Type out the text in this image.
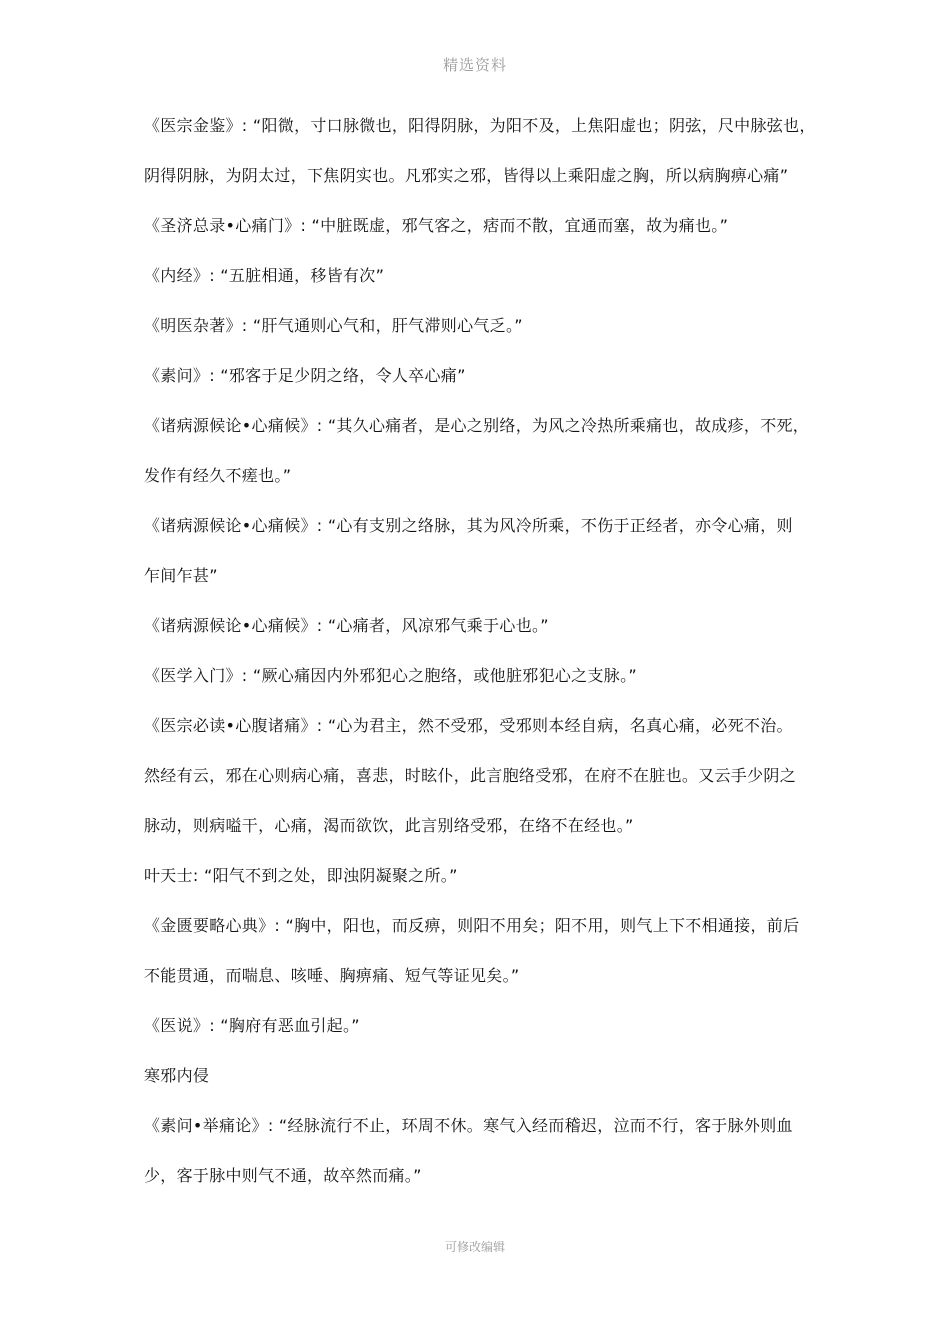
精选资料
《医宗金鉴》: “阳微，寸口脉微也，阳得阴脉，为阳不及，上焦阳虚也；阴弦，尺中脉弦也，
阴得阴脉，为阴太过，下焦阴实也。凡邪实之邪，皆得以上乘阳虚之胸，所以病胸痹心痛”
《圣济总录•心痛门》: “中脏既虚，邪气客之，痞而不散，宜通而塞，故为痛也。”
《内经》: “五脏相通，移皆有次”
《明医杂著》: “肝气通则心气和，肝气滞则心气乏。”
《素问》: “邪客于足少阴之络，令人卒心痛”
《诸病源候论•心痛候》: “其久心痛者，是心之别络，为风之冷热所乘痛也，故成疹，不死，
发作有经久不瘥也。”
《诸病源候论•心痛候》: “心有支别之络脉，其为风冷所乘，不伤于正经者，亦令心痛，则
乍间乍甚”
《诸病源候论•心痛候》: “心痛者，风凉邪气乘于心也。”
《医学入门》: “厥心痛因内外邪犯心之胞络，或他脏邪犯心之支脉。”
《医宗必读•心腹诸痛》: “心为君主，然不受邪，受邪则本经自病，名真心痛，必死不治。
然经有云，邪在心则病心痛，喜悲，时眩仆，此言胞络受邪，在府不在脏也。又云手少阴之
脉动，则病嗌干，心痛，渴而欲饮，此言别络受邪，在络不在经也。”
叶天士: “阳气不到之处，即浊阴凝聚之所。”
《金匮要略心典》: “胸中，阳也，而反痹，则阳不用矣；阳不用，则气上下不相通接，前后
不能贯通，而喘息、咳唾、胸痹痛、短气等证见矣。”
《医说》: “胸府有恶血引起。”
寒邪内侵
《素问•举痛论》: “经脉流行不止，环周不休。寒气入经而稽迟，泣而不行，客于脉外则血
少，客于脉中则气不通，故卒然而痛。”
可修改编辑
